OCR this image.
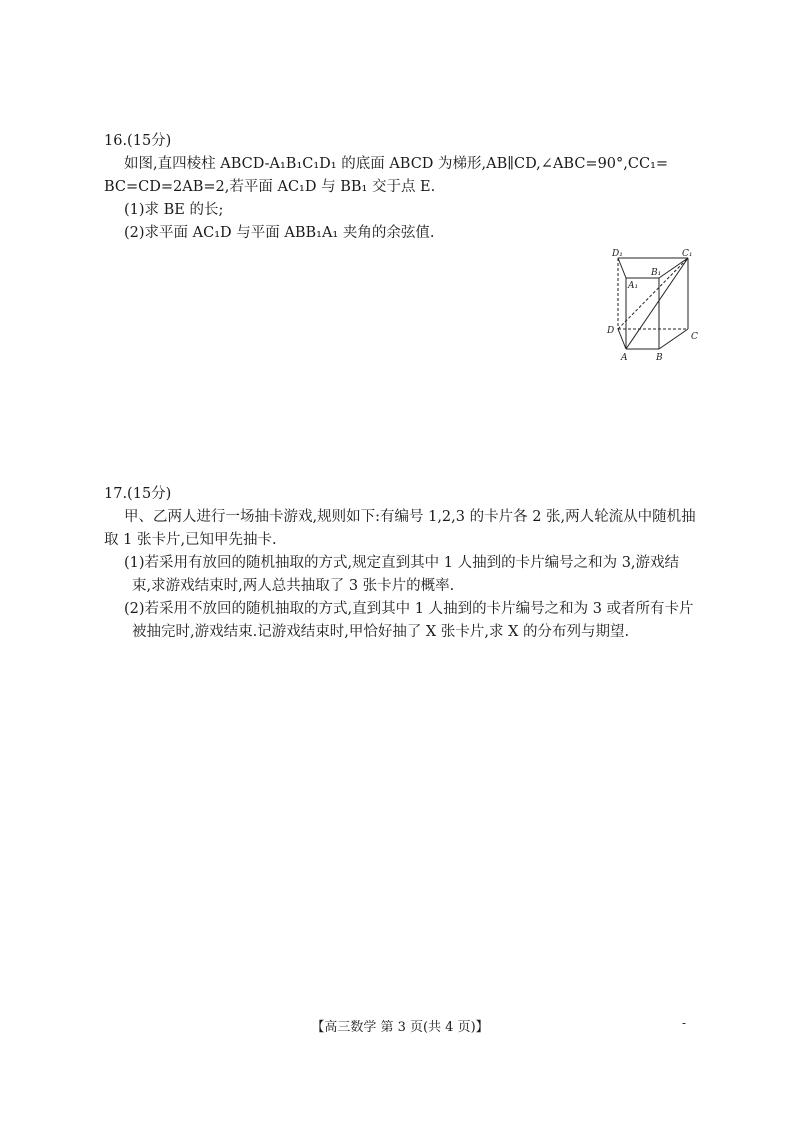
16.(15分)
如图,直四棱柱 ABCD-A₁B₁C₁D₁ 的底面 ABCD 为梯形,AB∥CD,∠ABC=90°,CC₁=
BC=CD=2AB=2,若平面 AC₁D 与 BB₁ 交于点 E.
(1)求 BE 的长;
(2)求平面 AC₁D 与平面 ABB₁A₁ 夹角的余弦值.
D₁	C₁
B₁
A₁
D
C
A	B
17.(15分)
甲、乙两人进行一场抽卡游戏,规则如下:有编号 1,2,3 的卡片各 2 张,两人轮流从中随机抽
取 1 张卡片,已知甲先抽卡.
(1)若采用有放回的随机抽取的方式,规定直到其中 1 人抽到的卡片编号之和为 3,游戏结
束,求游戏结束时,两人总共抽取了 3 张卡片的概率.
(2)若采用不放回的随机抽取的方式,直到其中 1 人抽到的卡片编号之和为 3 或者所有卡片
被抽完时,游戏结束.记游戏结束时,甲恰好抽了 X 张卡片,求 X 的分布列与期望.
【高三数学 第 3 页(共 4 页)】	-
